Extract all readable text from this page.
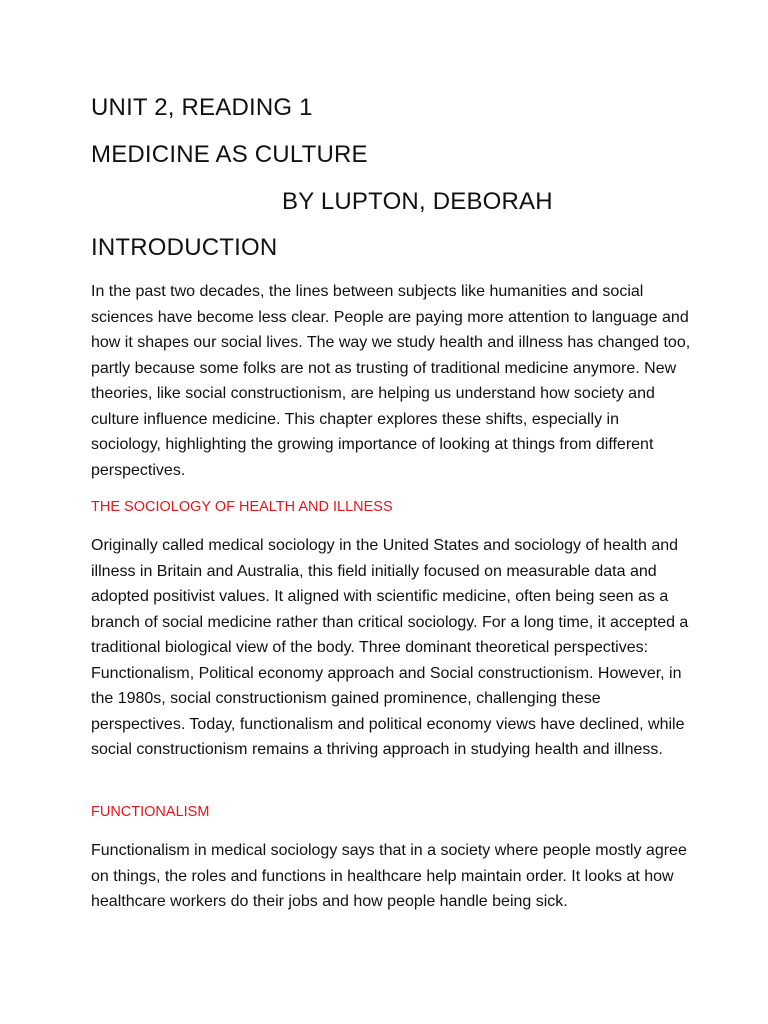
UNIT 2, READING 1
MEDICINE AS CULTURE
BY LUPTON, DEBORAH
INTRODUCTION

In the past two decades, the lines between subjects like humanities and social sciences have become less clear. People are paying more attention to language and how it shapes our social lives. The way we study health and illness has changed too, partly because some folks are not as trusting of traditional medicine anymore. New theories, like social constructionism, are helping us understand how society and culture influence medicine. This chapter explores these shifts, especially in sociology, highlighting the growing importance of looking at things from different perspectives.

THE SOCIOLOGY OF HEALTH AND ILLNESS

Originally called medical sociology in the United States and sociology of health and illness in Britain and Australia, this field initially focused on measurable data and adopted positivist values. It aligned with scientific medicine, often being seen as a branch of social medicine rather than critical sociology. For a long time, it accepted a traditional biological view of the body. Three dominant theoretical perspectives: Functionalism, Political economy approach and Social constructionism. However, in the 1980s, social constructionism gained prominence, challenging these perspectives. Today, functionalism and political economy views have declined, while social constructionism remains a thriving approach in studying health and illness.

FUNCTIONALISM

Functionalism in medical sociology says that in a society where people mostly agree on things, the roles and functions in healthcare help maintain order. It looks at how healthcare workers do their jobs and how people handle being sick.
